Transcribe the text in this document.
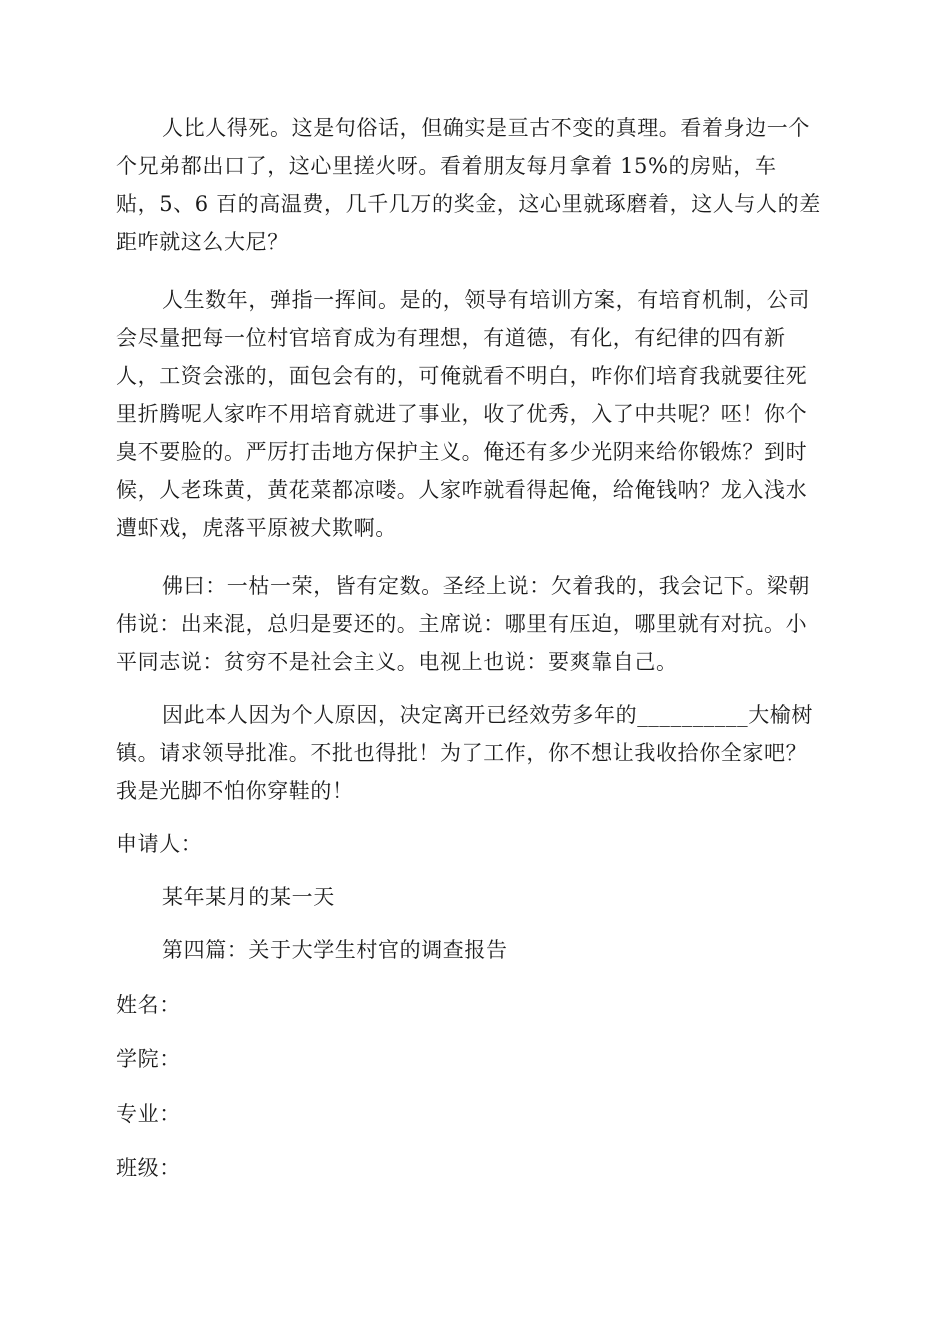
人比人得死。这是句俗话，但确实是亘古不变的真理。看着身边一个
个兄弟都出口了，这心里搓火呀。看着朋友每月拿着 15%的房贴，车
贴，5、6 百的高温费，几千几万的奖金，这心里就琢磨着，这人与人的差
距咋就这么大尼？
人生数年，弹指一挥间。是的，领导有培训方案，有培育机制，公司
会尽量把每一位村官培育成为有理想，有道德，有化，有纪律的四有新
人，工资会涨的，面包会有的，可俺就看不明白，咋你们培育我就要往死
里折腾呢人家咋不用培育就进了事业，收了优秀，入了中共呢？呸！你个
臭不要脸的。严厉打击地方保护主义。俺还有多少光阴来给你锻炼？到时
候，人老珠黄，黄花菜都凉喽。人家咋就看得起俺，给俺钱呐？龙入浅水
遭虾戏，虎落平原被犬欺啊。
佛曰：一枯一荣，皆有定数。圣经上说：欠着我的，我会记下。梁朝
伟说：出来混，总归是要还的。主席说：哪里有压迫，哪里就有对抗。小
平同志说：贫穷不是社会主义。电视上也说：要爽靠自己。
因此本人因为个人原因，决定离开已经效劳多年的__________大榆树
镇。请求领导批准。不批也得批！为了工作，你不想让我收拾你全家吧？
我是光脚不怕你穿鞋的！
申请人：
某年某月的某一天
第四篇：关于大学生村官的调查报告
姓名：
学院：
专业：
班级：
